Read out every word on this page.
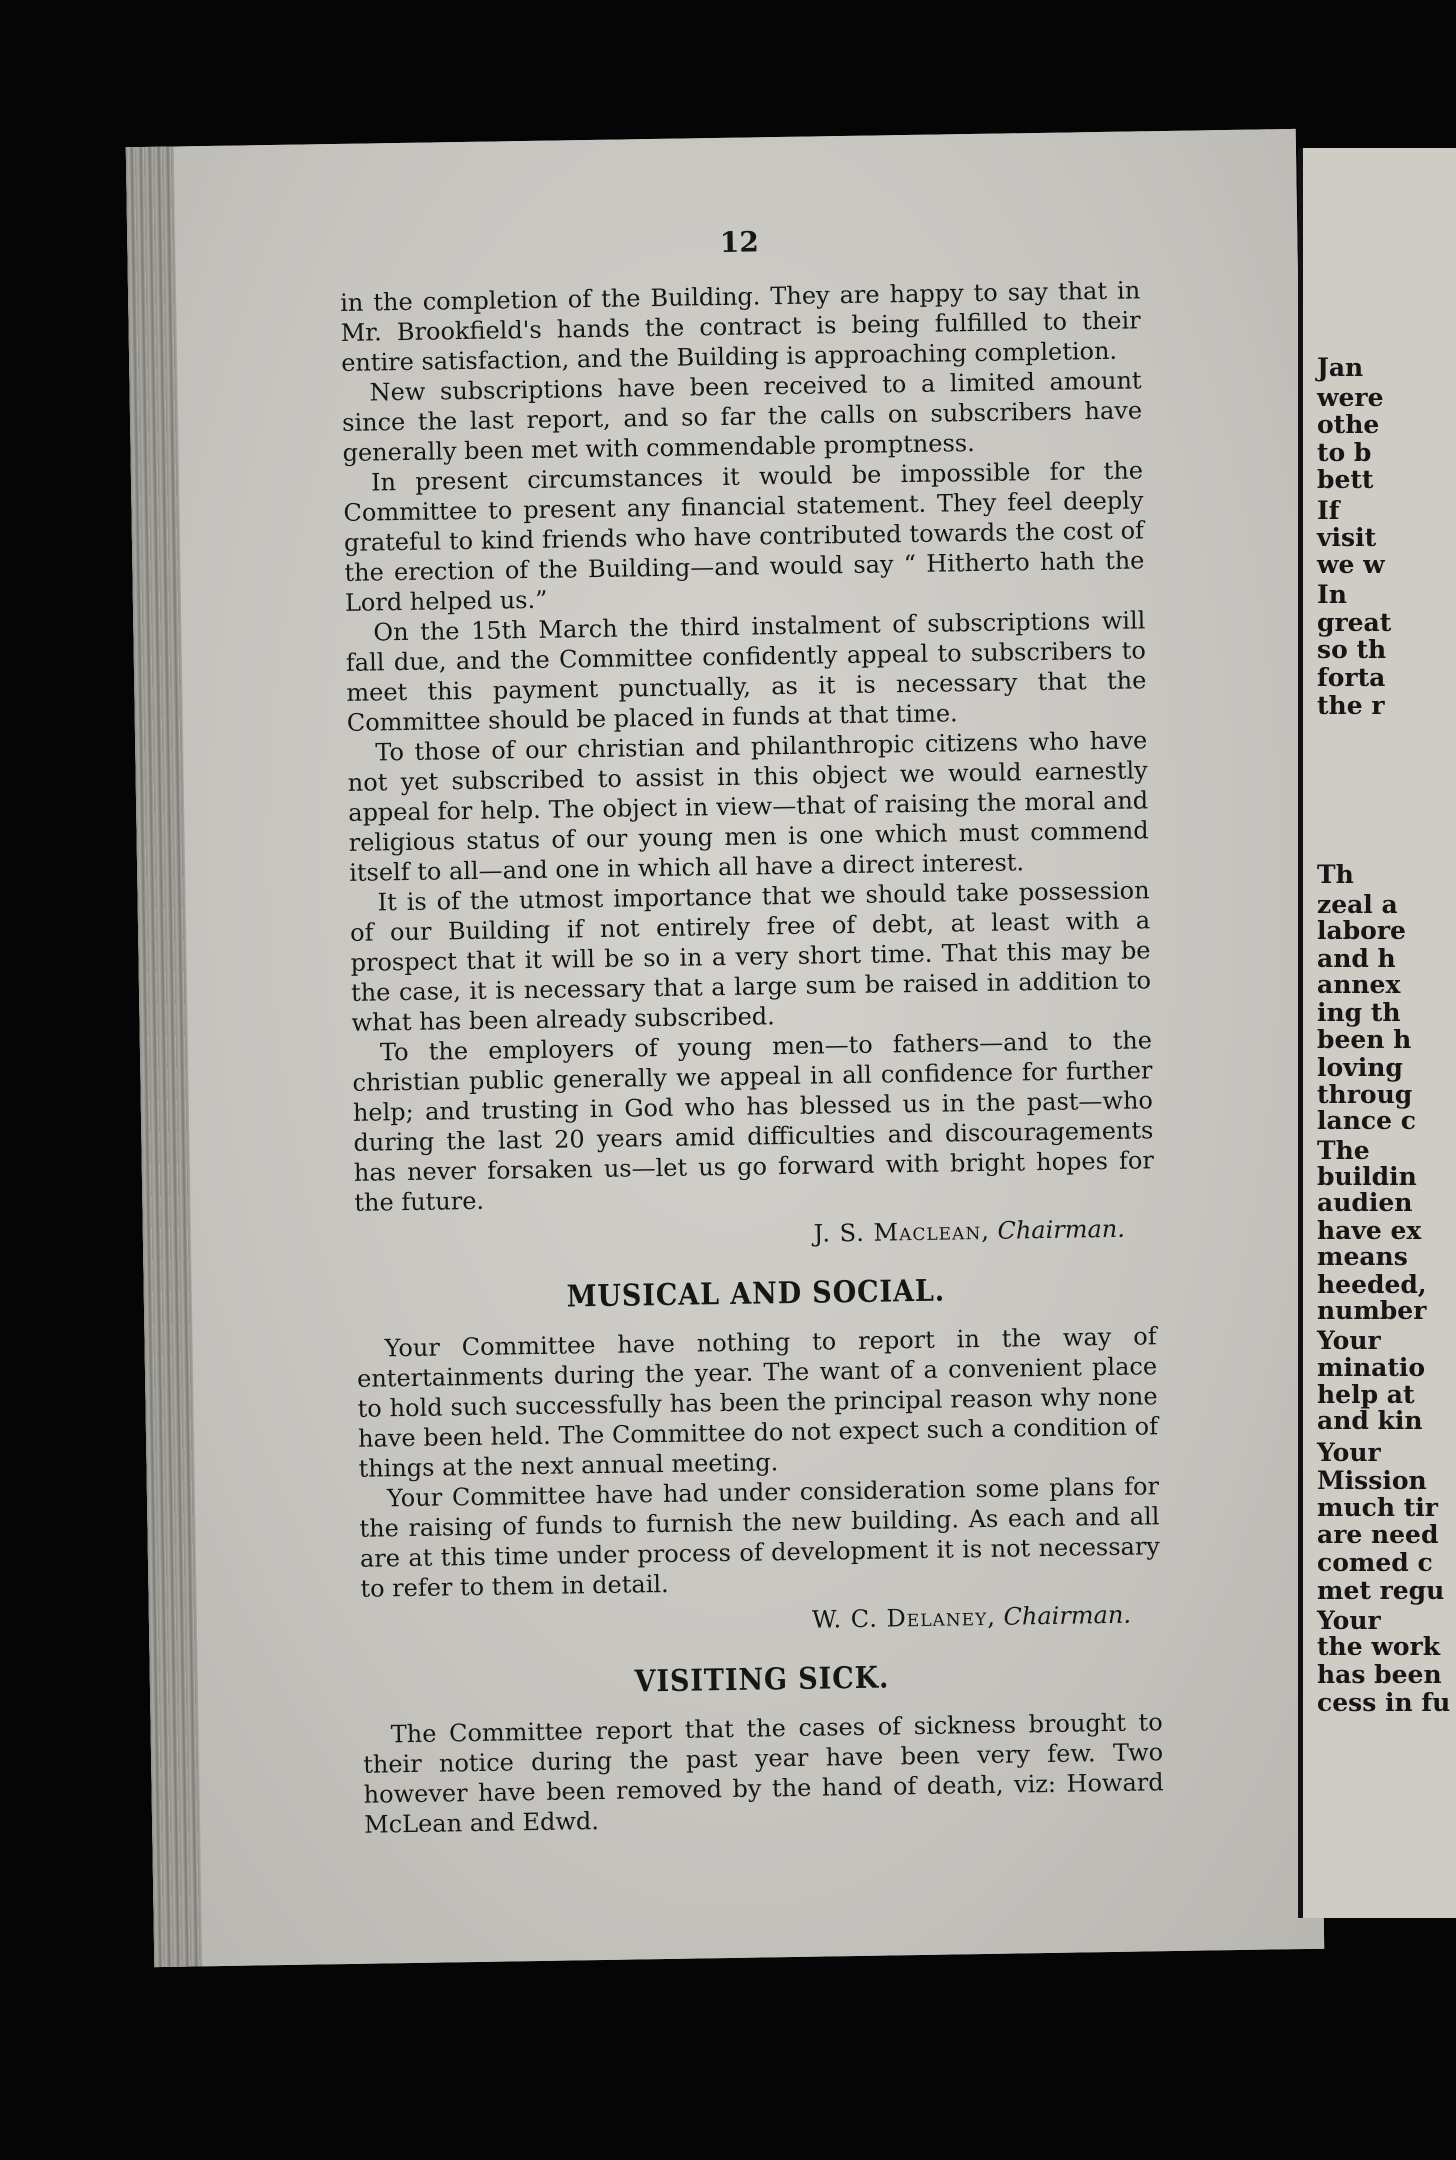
12

in the completion of the Building. They are happy to say that in Mr. Brookfield's hands the contract is being fulfilled to their entire satisfaction, and the Building is approaching completion.

New subscriptions have been received to a limited amount since the last report, and so far the calls on subscribers have generally been met with commendable promptness.

In present circumstances it would be impossible for the Committee to present any financial statement. They feel deeply grateful to kind friends who have contributed towards the cost of the erection of the Building—and would say “ Hitherto hath the Lord helped us.”

On the 15th March the third instalment of subscriptions will fall due, and the Committee confidently appeal to subscribers to meet this payment punctually, as it is necessary that the Committee should be placed in funds at that time.

To those of our christian and philanthropic citizens who have not yet subscribed to assist in this object we would earnestly appeal for help. The object in view—that of raising the moral and religious status of our young men is one which must commend itself to all—and one in which all have a direct interest.

It is of the utmost importance that we should take possession of our Building if not entirely free of debt, at least with a prospect that it will be so in a very short time. That this may be the case, it is necessary that a large sum be raised in addition to what has been already subscribed.

To the employers of young men—to fathers—and to the christian public generally we appeal in all confidence for further help; and trusting in God who has blessed us in the past—who during the last 20 years amid difficulties and discouragements has never forsaken us—let us go forward with bright hopes for the future.

J. S. Maclean, Chairman.
MUSICAL AND SOCIAL.

Your Committee have nothing to report in the way of entertainments during the year. The want of a convenient place to hold such successfully has been the principal reason why none have been held. The Committee do not expect such a condition of things at the next annual meeting.

Your Committee have had under consideration some plans for the raising of funds to furnish the new building. As each and all are at this time under process of development it is not necessary to refer to them in detail.

W. C. Delaney, Chairman.
VISITING SICK.

The Committee report that the cases of sickness brought to their notice during the past year have been very few. Two however have been removed by the hand of death, viz: Howard McLean and Edwd.

Jan
were
othe
to b
bett
If
visit
we w
In
great
so th
forta
the r
Th
zeal a
labore
and h
annex
ing th
been h
loving
throug
lance c
The
buildin
audien
have ex
means
heeded,
number
Your
minatio
help at
and kin
Your
Mission
much tir
are need
comed c
met regu
Your
the work
has been
cess in fu
